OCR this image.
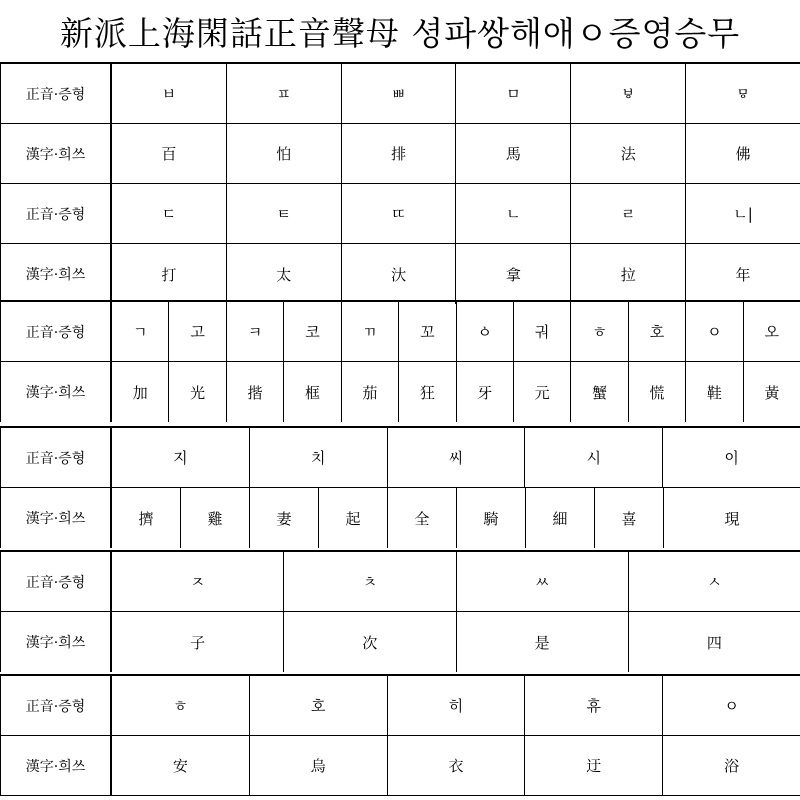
新派上海閑話正音聲母 셩파쌍해애ㅇ증영승무
正音·증형	ㅂ	ㅍ	ㅃ	ㅁ	ㅸ	ㅱ
漢字·희쓰	百	怕	排	馬	法	佛
正音·증형	ㄷ	ㅌ	ㄸ	ㄴ	ㄹ	ㄴ|
漢字·희쓰	打	太	汏	拿	拉	年
正音·증형	ㄱ	고	ㅋ	코	ㄲ	꼬	ㆁ	궈	ㅎ	호	ㅇ	오
漢字·희쓰	加	光	揩	框	茄	狂	牙	元	蟹	慌	鞋	黃
正音·증형	지	치	씨	시	이
漢字·희쓰	擠	雞	妻	起	全	騎	細	喜	現
正音·증형	ㅈ	ㅊ	ㅆ	ㅅ
漢字·희쓰	子	次	是	四
正音·증형	ㅎ	호	히	휴	ㅇ
漢字·희쓰	安	烏	衣	迂	浴
